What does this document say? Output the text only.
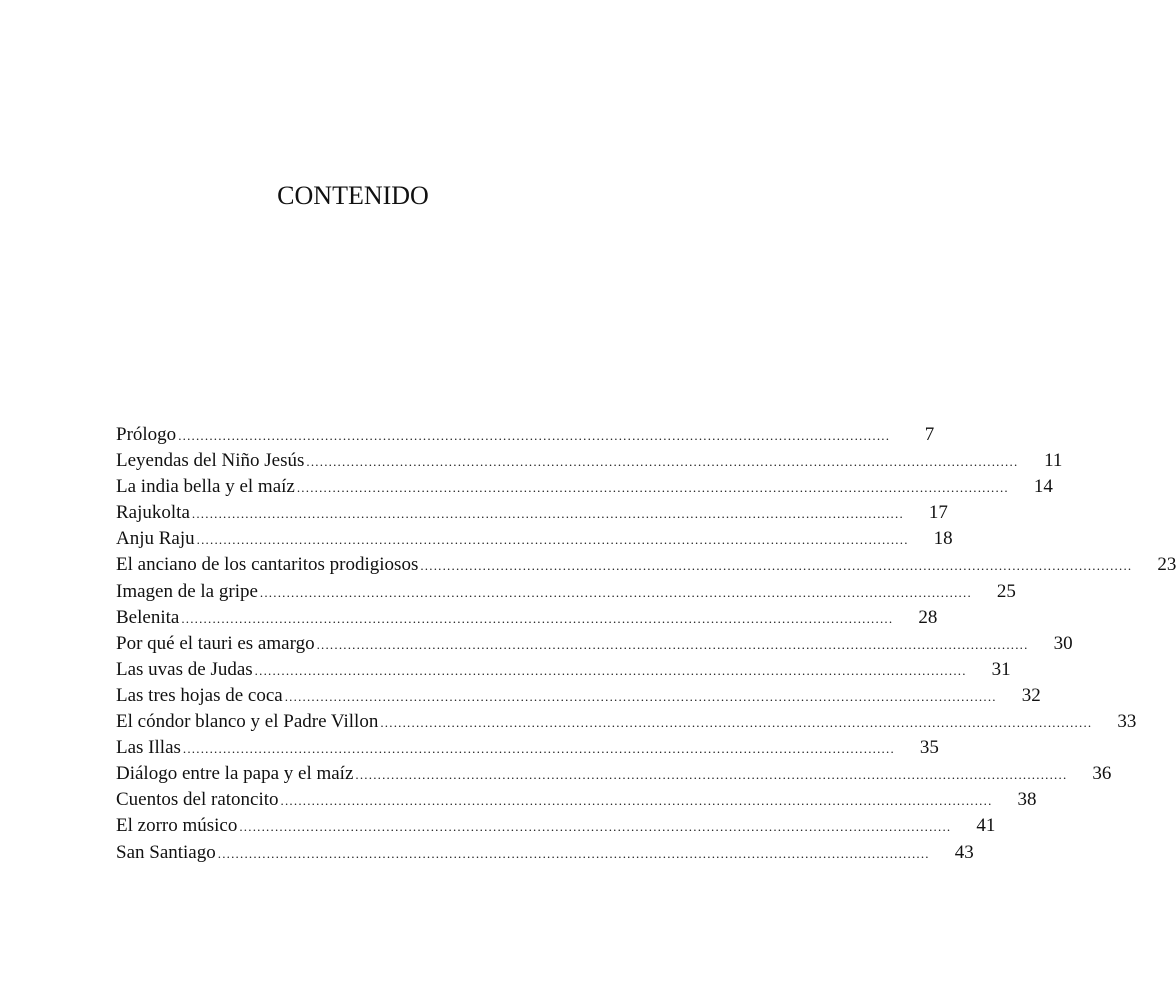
CONTENIDO
Prólogo ................................................................................................................................................................	7
Leyendas del Niño Jesús ................................................................................................................................................................	11
La india bella y el maíz ................................................................................................................................................................	14
Rajukolta ................................................................................................................................................................	17
Anju Raju ................................................................................................................................................................	18
El anciano de los cantaritos prodigiosos ................................................................................................................................................................	23
Imagen de la gripe ................................................................................................................................................................	25
Belenita ................................................................................................................................................................	28
Por qué el tauri es amargo ................................................................................................................................................................	30
Las uvas de Judas ................................................................................................................................................................	31
Las tres hojas de coca ................................................................................................................................................................	32
El cóndor blanco y el Padre Villon ................................................................................................................................................................	33
Las Illas ................................................................................................................................................................	35
Diálogo entre la papa y el maíz ................................................................................................................................................................	36
Cuentos del ratoncito ................................................................................................................................................................	38
El zorro músico ................................................................................................................................................................	41
San Santiago ................................................................................................................................................................	43
